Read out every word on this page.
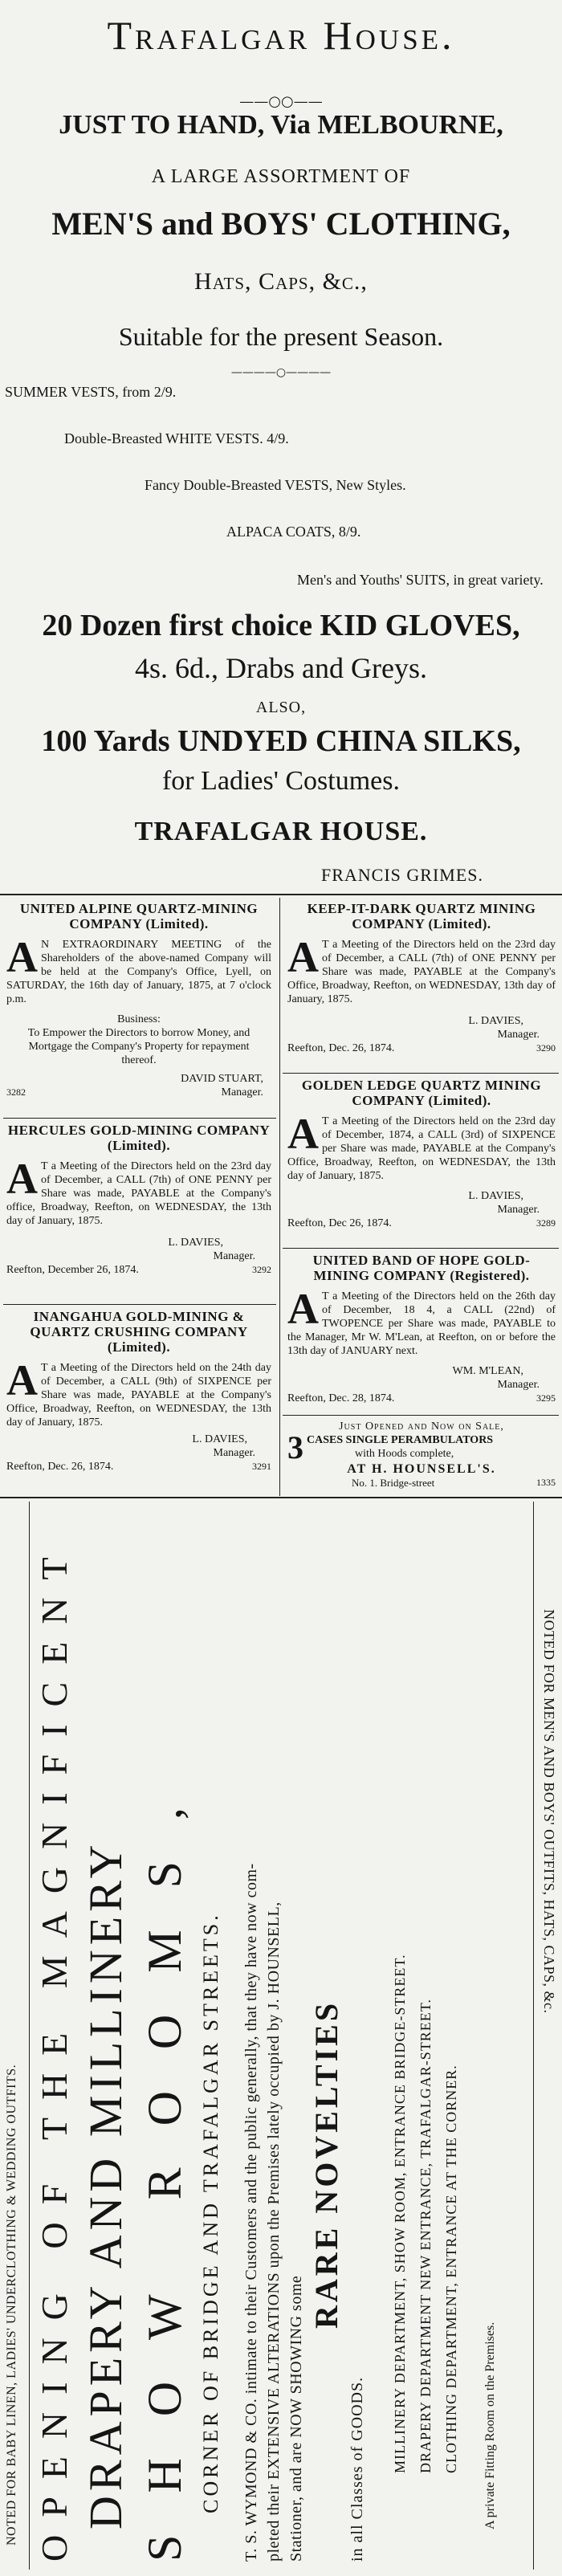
Trafalgar House.
——○○——
JUST TO HAND, Via MELBOURNE,
A LARGE ASSORTMENT OF
MEN'S and BOYS' CLOTHING,
Hats, Caps, &c.,
Suitable for the present Season.
————○————
SUMMER VESTS, from 2/9.
Double-Breasted WHITE VESTS. 4/9.
Fancy Double-Breasted VESTS, New Styles.
ALPACA COATS, 8/9.
Men's and Youths' SUITS, in great variety.
20 Dozen first choice KID GLOVES,
4s. 6d., Drabs and Greys.
ALSO,
100 Yards UNDYED CHINA SILKS,
for Ladies' Costumes.
TRAFALGAR HOUSE.
FRANCIS GRIMES.

UNITED ALPINE QUARTZ-MINING COMPANY (Limited).

A N EXTRAORDINARY MEETING of the Shareholders of the above-named Company will be held at the Company's Office, Lyell, on SATURDAY, the 16th day of January, 1875, at 7 o'clock p.m.

Business:

To Empower the Directors to borrow Money, and Mortgage the Company's Property for repayment thereof.

3282
DAVID STUART,
Manager.

HERCULES GOLD-MINING COMPANY (Limited).

A T a Meeting of the Directors held on the 23rd day of December, a CALL (7th) of ONE PENNY per Share was made, PAYABLE at the Company's office, Broadway, Reefton, on WEDNESDAY, the 13th day of January, 1875.

L. DAVIES,

Manager.

Reefton, December 26, 1874.	3292

INANGAHUA GOLD-MINING & QUARTZ CRUSHING COMPANY (Limited).

A T a Meeting of the Directors held on the 24th day of December, a CALL (9th) of SIXPENCE per Share was made, PAYABLE at the Company's Office, Broadway, Reefton, on WEDNESDAY, the 13th day of January, 1875.

L. DAVIES,

Manager.

Reefton, Dec. 26, 1874.	3291

KEEP-IT-DARK QUARTZ MINING COMPANY (Limited).

A T a Meeting of the Directors held on the 23rd day of December, a CALL (7th) of ONE PENNY per Share was made, PAYABLE at the Company's Office, Broadway, Reefton, on WEDNESDAY, 13th day of January, 1875.

L. DAVIES,

Manager.

Reefton, Dec. 26, 1874.	3290

GOLDEN LEDGE QUARTZ MINING COMPANY (Limited).

A T a Meeting of the Directors held on the 23rd day of December, 1874, a CALL (3rd) of SIXPENCE per Share was made, PAYABLE at the Company's Office, Broadway, Reefton, on WEDNESDAY, the 13th day of January, 1875.

L. DAVIES,

Manager.

Reefton, Dec 26, 1874.	3289

UNITED BAND OF HOPE GOLD-MINING COMPANY (Registered).

A T a Meeting of the Directors held on the 26th day of December, 18 4, a CALL (22nd) of TWOPENCE per Share was made, PAYABLE to the Manager, Mr W. M'Lean, at Reefton, on or before the 13th day of JANUARY next.

WM. M'LEAN,

Manager.

Reefton, Dec. 28, 1874.	3295

Just Opened and Now on Sale,

3 CASES SINGLE PERAMBULATORS

with Hoods complete,

AT H. HOUNSELL'S.

No. 1. Bridge-street	1335
NOTED FOR BABY LINEN, LADIES' UNDERCLOTHING & WEDDING OUTFITS.
NOTED FOR MEN'S AND BOYS' OUTFITS, HATS, CAPS, &c.
OPENING OF THE MAGNIFICENT DRAPERY AND MILLINERY SHOW ROOMS, CORNER OF BRIDGE AND TRAFALGAR STREETS. T. S. WYMOND & CO. intimate to their Customers and the public generally, that they have now com- pleted their EXTENSIVE ALTERATIONS upon the Premises lately occupied by J. HOUNSELL, Stationer, and are NOW SHOWING some
RARE NOVELTIES
in all Classes of GOODS. MILLINERY DEPARTMENT, SHOW ROOM, ENTRANCE BRIDGE-STREET. DRAPERY DEPARTMENT NEW ENTRANCE, TRAFALGAR-STREET. CLOTHING DEPARTMENT, ENTRANCE AT THE CORNER. A private Fitting Room on the Premises.
